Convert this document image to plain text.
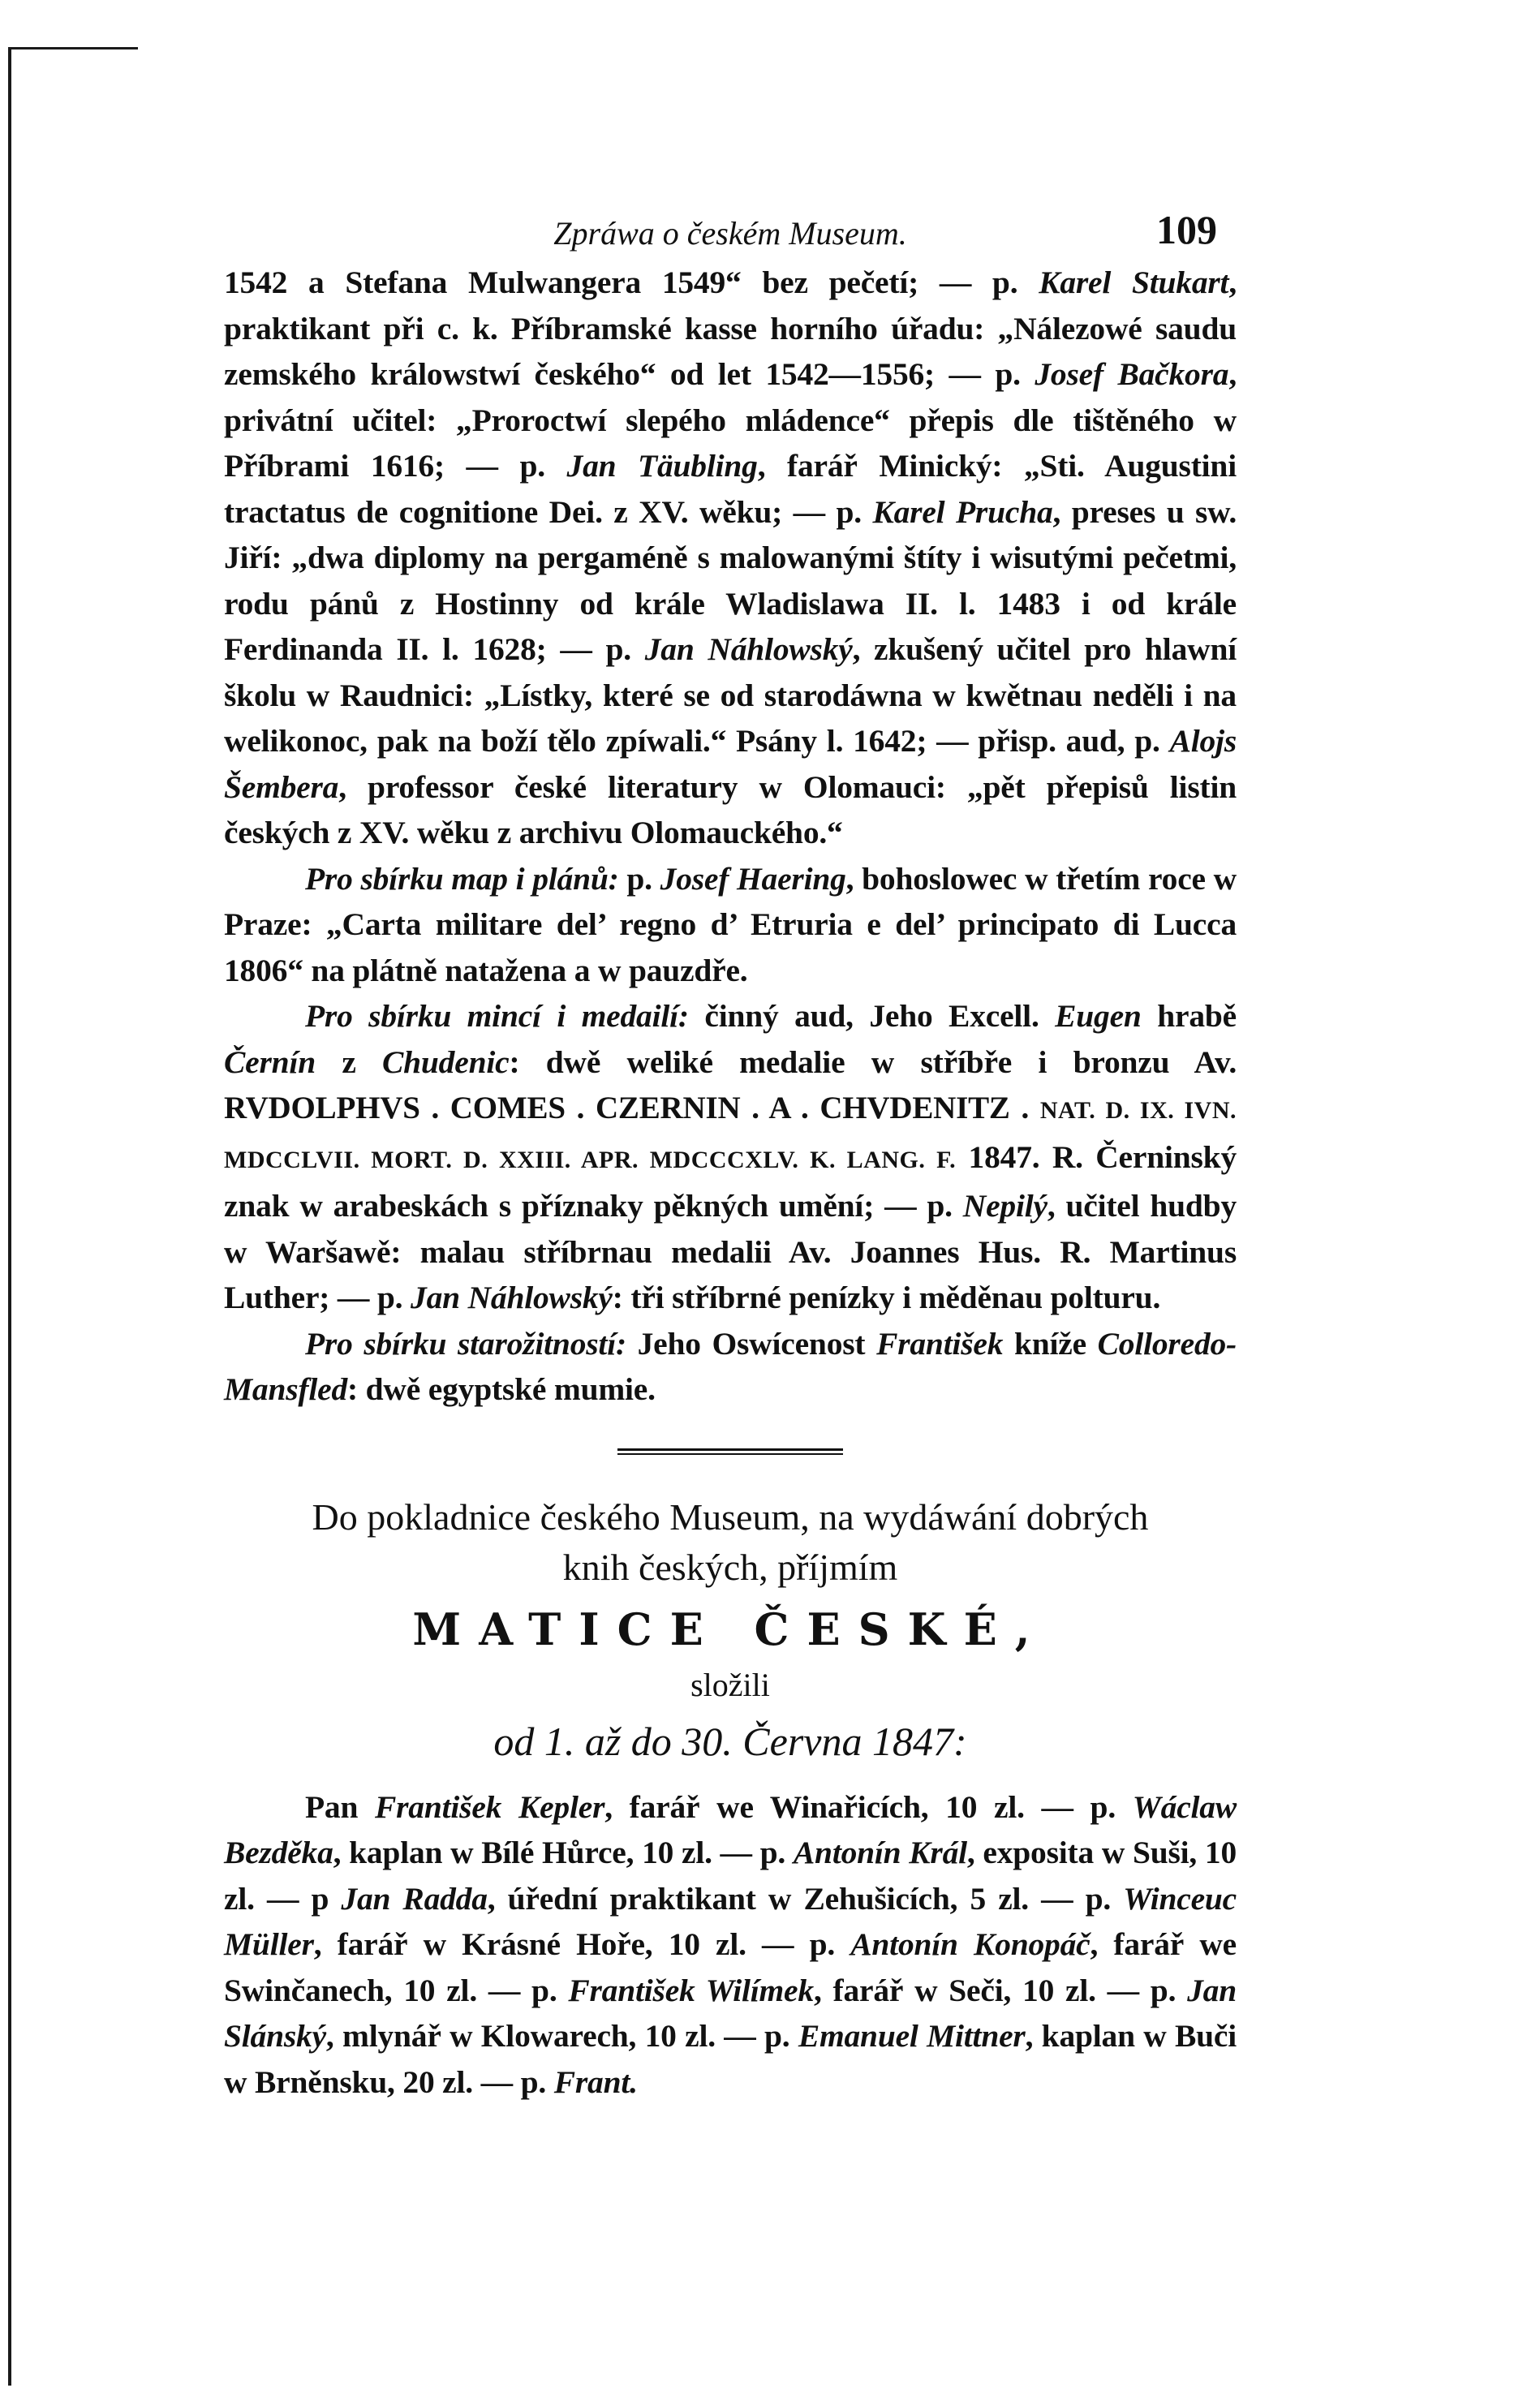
Zpráwa o českém Museum.	109

1542 a Stefana Mulwangera 1549“ bez pečetí; — p. Karel Stukart, praktikant při c. k. Příbramské kasse horního úřadu: „Nálezowé saudu zemského králowstwí českého“ od let 1542—1556; — p. Josef Bačkora, privátní učitel: „Proroctwí slepého mládence“ přepis dle tištěného w Příbrami 1616; — p. Jan Täubling, farář Minický: „Sti. Augustini tractatus de cognitione Dei. z XV. wěku; — p. Karel Prucha, preses u sw. Jiří: „dwa diplomy na pergaméně s malowanými štíty i wisutými pečetmi, rodu pánů z Hostinny od krále Wladislawa II. l. 1483 i od krále Ferdinanda II. l. 1628; — p. Jan Náhlowský, zkušený učitel pro hlawní školu w Raudnici: „Lístky, které se od starodáwna w kwětnau neděli i na welikonoc, pak na boží tělo zpíwali.“ Psány l. 1642; — přisp. aud, p. Alojs Šembera, professor české literatury w Olomauci: „pět přepisů listin českých z XV. wěku z archivu Olomauckého.“

Pro sbírku map i plánů: p. Josef Haering, bohoslowec w třetím roce w Praze: „Carta militare del’ regno d’ Etruria e del’ principato di Lucca 1806“ na plátně natažena a w pauzdře.

Pro sbírku mincí i medailí: činný aud, Jeho Excell. Eugen hrabě Černín z Chudenic: dwě weliké medalie w stříbře i bronzu Av. RVDOLPHVS . COMES . CZERNIN . A . CHVDENITZ . NAT. D. IX. IVN. MDCCLVII. MORT. D. XXIII. APR. MDCCCXLV. K. LANG. F. 1847. R. Černinský znak w arabeskách s příznaky pěkných umění; — p. Nepilý, učitel hudby w Waršawě: malau stříbrnau medalii Av. Joannes Hus. R. Martinus Luther; — p. Jan Náhlowský: tři stříbrné penízky i měděnau polturu.

Pro sbírku starožitností: Jeho Oswícenost František kníže Colloredo-Mansfled: dwě egyptské mumie.

Do pokladnice českého Museum, na wydáwání dobrých

knih českých, příjmím

MATICE ČESKÉ,

složili

od 1. až do 30. Června 1847:

Pan František Kepler, farář we Winařicích, 10 zl. — p. Wáclaw Bezděka, kaplan w Bílé Hůrce, 10 zl. — p. Antonín Král, exposita w Suši, 10 zl. — p Jan Radda, úřední praktikant w Zehušicích, 5 zl. — p. Winceuc Müller, farář w Krásné Hoře, 10 zl. — p. Antonín Konopáč, farář we Swinčanech, 10 zl. — p. František Wilímek, farář w Seči, 10 zl. — p. Jan Slánský, mlynář w Klowarech, 10 zl. — p. Emanuel Mittner, kaplan w Buči w Brněnsku, 20 zl. — p. Frant.
